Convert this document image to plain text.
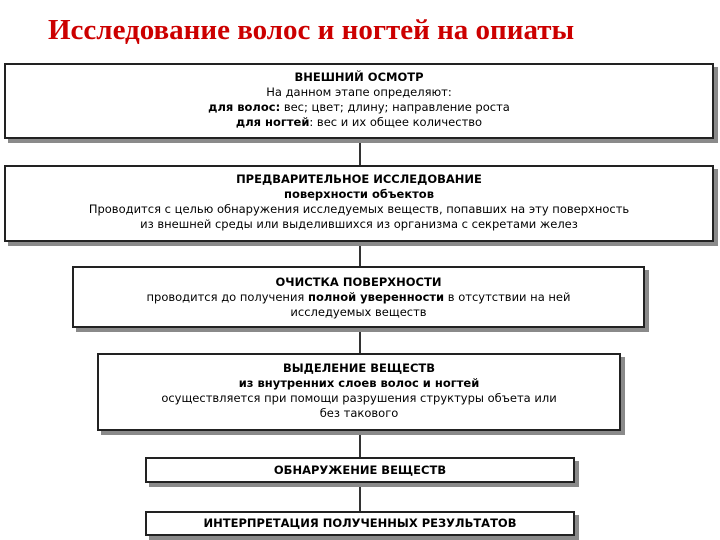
Исследование волос и ногтей на опиаты
ВНЕШНИЙ ОСМОТР
На данном этапе определяют:
для волос: вес; цвет; длину; направление роста
для ногтей: вес и их общее количество
ПРЕДВАРИТЕЛЬНОЕ ИССЛЕДОВАНИЕ
поверхности объектов
Проводится с целью обнаружения исследуемых веществ, попавших на эту поверхность
из внешней среды или выделившихся из организма с секретами желез
ОЧИСТКА ПОВЕРХНОСТИ
проводится до получения полной уверенности в отсутствии на ней
исследуемых веществ
ВЫДЕЛЕНИЕ ВЕЩЕСТВ
из внутренних слоев волос и ногтей
осуществляется при помощи разрушения структуры объета или
без такового
ОБНАРУЖЕНИЕ ВЕЩЕСТВ
ИНТЕРПРЕТАЦИЯ ПОЛУЧЕННЫХ РЕЗУЛЬТАТОВ
